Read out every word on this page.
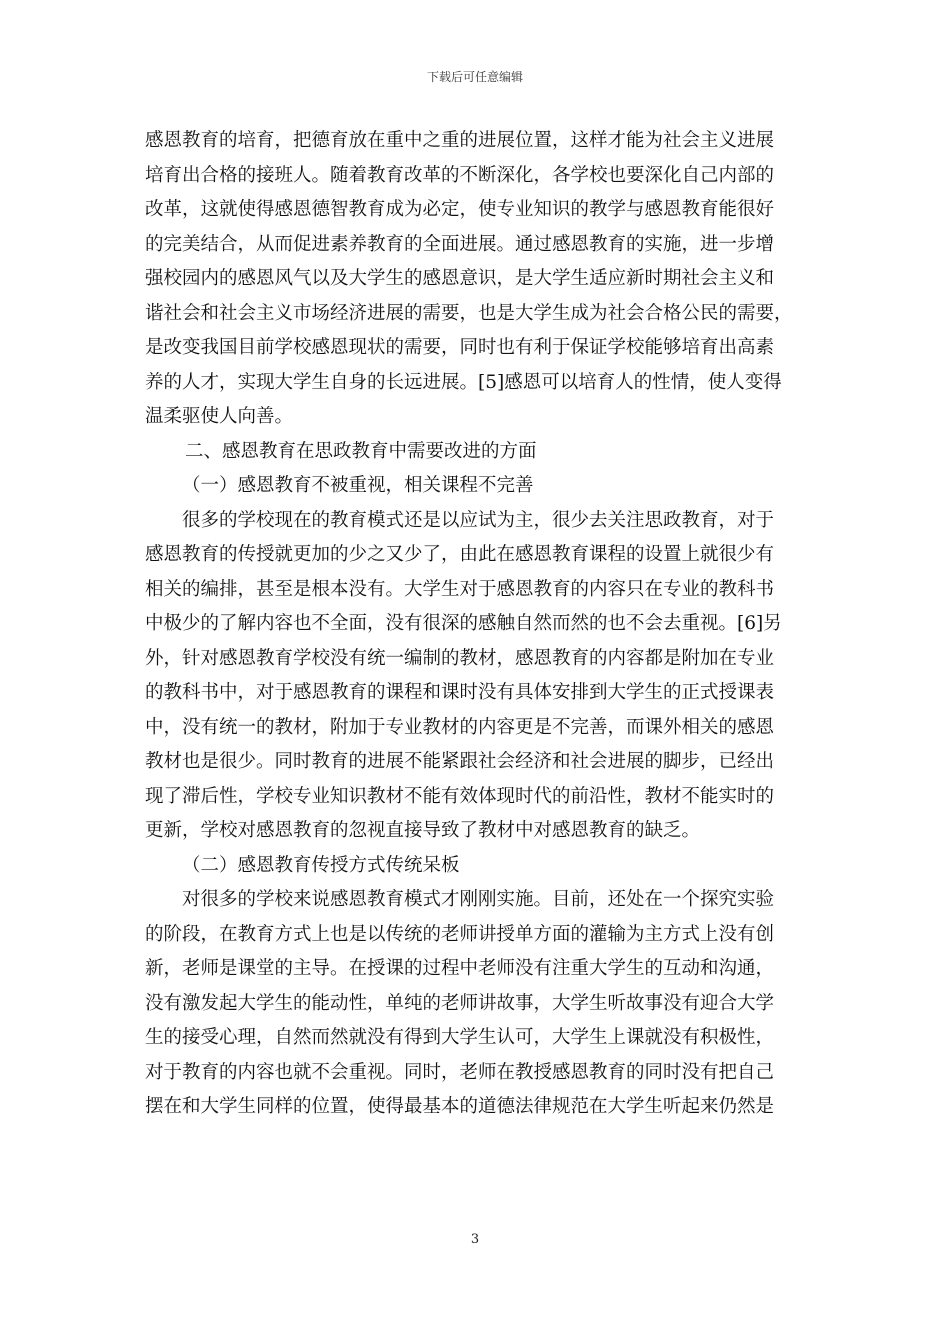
下载后可任意编辑
感恩教育的培育，把德育放在重中之重的进展位置，这样才能为社会主义进展
培育出合格的接班人。随着教育改革的不断深化，各学校也要深化自己内部的
改革，这就使得感恩德智教育成为必定，使专业知识的教学与感恩教育能很好
的完美结合，从而促进素养教育的全面进展。通过感恩教育的实施，进一步增
强校园内的感恩风气以及大学生的感恩意识，是大学生适应新时期社会主义和
谐社会和社会主义市场经济进展的需要，也是大学生成为社会合格公民的需要，
是改变我国目前学校感恩现状的需要，同时也有利于保证学校能够培育出高素
养的人才，实现大学生自身的长远进展。[5]感恩可以培育人的性情，使人变得
温柔驱使人向善。
二、感恩教育在思政教育中需要改进的方面
（一）感恩教育不被重视，相关课程不完善
很多的学校现在的教育模式还是以应试为主，很少去关注思政教育，对于
感恩教育的传授就更加的少之又少了，由此在感恩教育课程的设置上就很少有
相关的编排，甚至是根本没有。大学生对于感恩教育的内容只在专业的教科书
中极少的了解内容也不全面，没有很深的感触自然而然的也不会去重视。[6]另
外，针对感恩教育学校没有统一编制的教材，感恩教育的内容都是附加在专业
的教科书中，对于感恩教育的课程和课时没有具体安排到大学生的正式授课表
中，没有统一的教材，附加于专业教材的内容更是不完善，而课外相关的感恩
教材也是很少。同时教育的进展不能紧跟社会经济和社会进展的脚步，已经出
现了滞后性，学校专业知识教材不能有效体现时代的前沿性，教材不能实时的
更新，学校对感恩教育的忽视直接导致了教材中对感恩教育的缺乏。
（二）感恩教育传授方式传统呆板
对很多的学校来说感恩教育模式才刚刚实施。目前，还处在一个探究实验
的阶段，在教育方式上也是以传统的老师讲授单方面的灌输为主方式上没有创
新，老师是课堂的主导。在授课的过程中老师没有注重大学生的互动和沟通，
没有激发起大学生的能动性，单纯的老师讲故事，大学生听故事没有迎合大学
生的接受心理，自然而然就没有得到大学生认可，大学生上课就没有积极性，
对于教育的内容也就不会重视。同时，老师在教授感恩教育的同时没有把自己
摆在和大学生同样的位置，使得最基本的道德法律规范在大学生听起来仍然是
3
